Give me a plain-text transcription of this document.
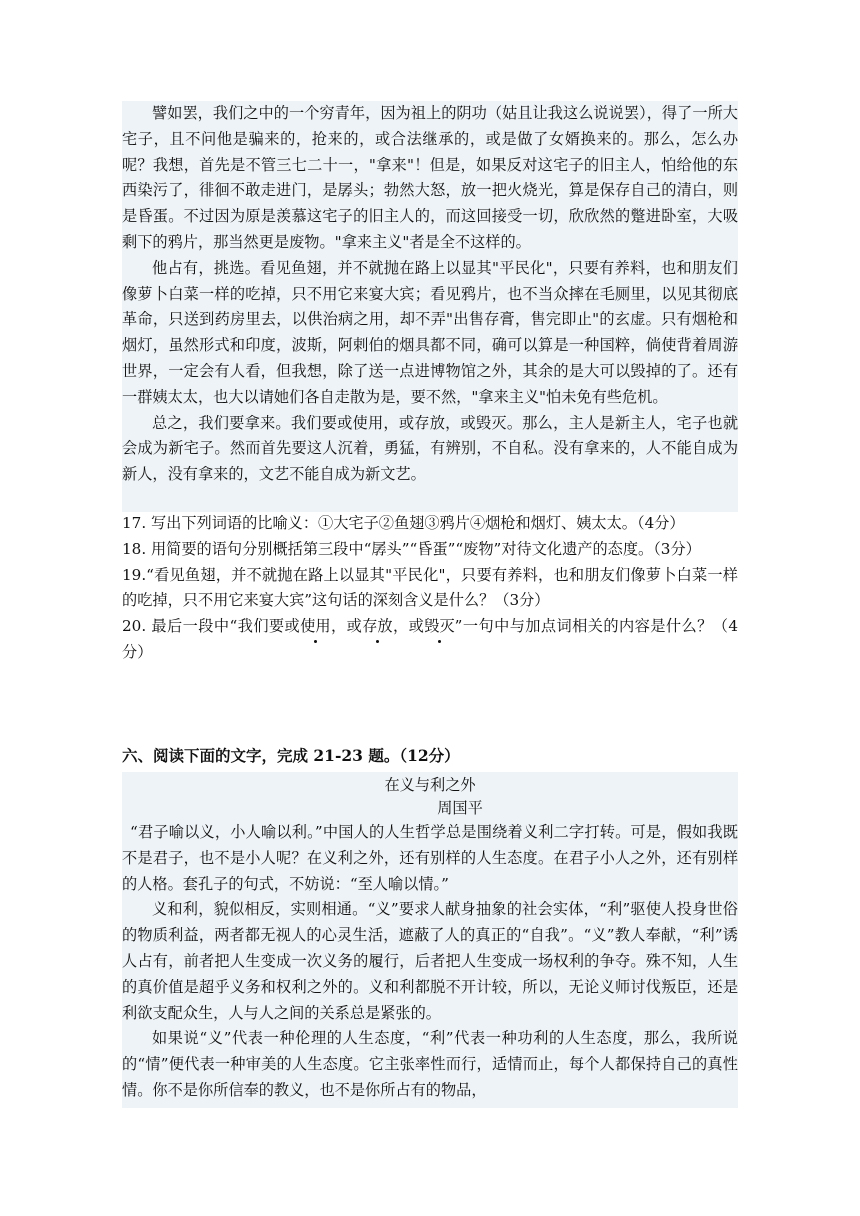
譬如罢，我们之中的一个穷青年，因为祖上的阴功（姑且让我这么说说罢），得了一所大宅子，且不问他是骗来的，抢来的，或合法继承的，或是做了女婿换来的。那么，怎么办呢？我想，首先是不管三七二十一，"拿来"！但是，如果反对这宅子的旧主人，怕给他的东西染污了，徘徊不敢走进门，是孱头；勃然大怒，放一把火烧光，算是保存自己的清白，则是昏蛋。不过因为原是羡慕这宅子的旧主人的，而这回接受一切，欣欣然的蹩进卧室，大吸剩下的鸦片，那当然更是废物。"拿来主义"者是全不这样的。

他占有，挑选。看见鱼翅，并不就抛在路上以显其"平民化"，只要有养料，也和朋友们像萝卜白菜一样的吃掉，只不用它来宴大宾；看见鸦片，也不当众摔在毛厕里，以见其彻底革命，只送到药房里去，以供治病之用，却不弄"出售存膏，售完即止"的玄虚。只有烟枪和烟灯，虽然形式和印度，波斯，阿剌伯的烟具都不同，确可以算是一种国粹，倘使背着周游世界，一定会有人看，但我想，除了送一点进博物馆之外，其余的是大可以毁掉的了。还有一群姨太太，也大以请她们各自走散为是，要不然，"拿来主义"怕未免有些危机。

总之，我们要拿来。我们要或使用，或存放，或毁灭。那么，主人是新主人，宅子也就会成为新宅子。然而首先要这人沉着，勇猛，有辨别，不自私。没有拿来的，人不能自成为新人，没有拿来的，文艺不能自成为新文艺。

17. 写出下列词语的比喻义：①大宅子②鱼翅③鸦片④烟枪和烟灯、姨太太。（4分）

18. 用简要的语句分别概括第三段中“孱头”“昏蛋”“废物”对待文化遗产的态度。（3分）

19.“看见鱼翅，并不就抛在路上以显其"平民化"，只要有养料，也和朋友们像萝卜白菜一样的吃掉，只不用它来宴大宾”这句话的深刻含义是什么？（3分）

20. 最后一段中“我们要或使用，或存放，或毁灭”一句中与加点词相关的内容是什么？（4分）

六、阅读下面的文字，完成 21-23 题。（12分）

在义与利之外

周国平

“君子喻以义，小人喻以利。”中国人的人生哲学总是围绕着义利二字打转。可是，假如我既不是君子，也不是小人呢？在义利之外，还有别样的人生态度。在君子小人之外，还有别样的人格。套孔子的句式，不妨说：“至人喻以情。”

义和利，貌似相反，实则相通。“义”要求人献身抽象的社会实体，“利”驱使人投身世俗的物质利益，两者都无视人的心灵生活，遮蔽了人的真正的“自我”。“义”教人奉献，“利”诱人占有，前者把人生变成一次义务的履行，后者把人生变成一场权利的争夺。殊不知，人生的真价值是超乎义务和权利之外的。义和利都脱不开计较，所以，无论义师讨伐叛臣，还是利欲支配众生，人与人之间的关系总是紧张的。

如果说“义”代表一种伦理的人生态度，“利”代表一种功利的人生态度，那么，我所说的“情”便代表一种审美的人生态度。它主张率性而行，适情而止，每个人都保持自己的真性情。你不是你所信奉的教义，也不是你所占有的物品，
